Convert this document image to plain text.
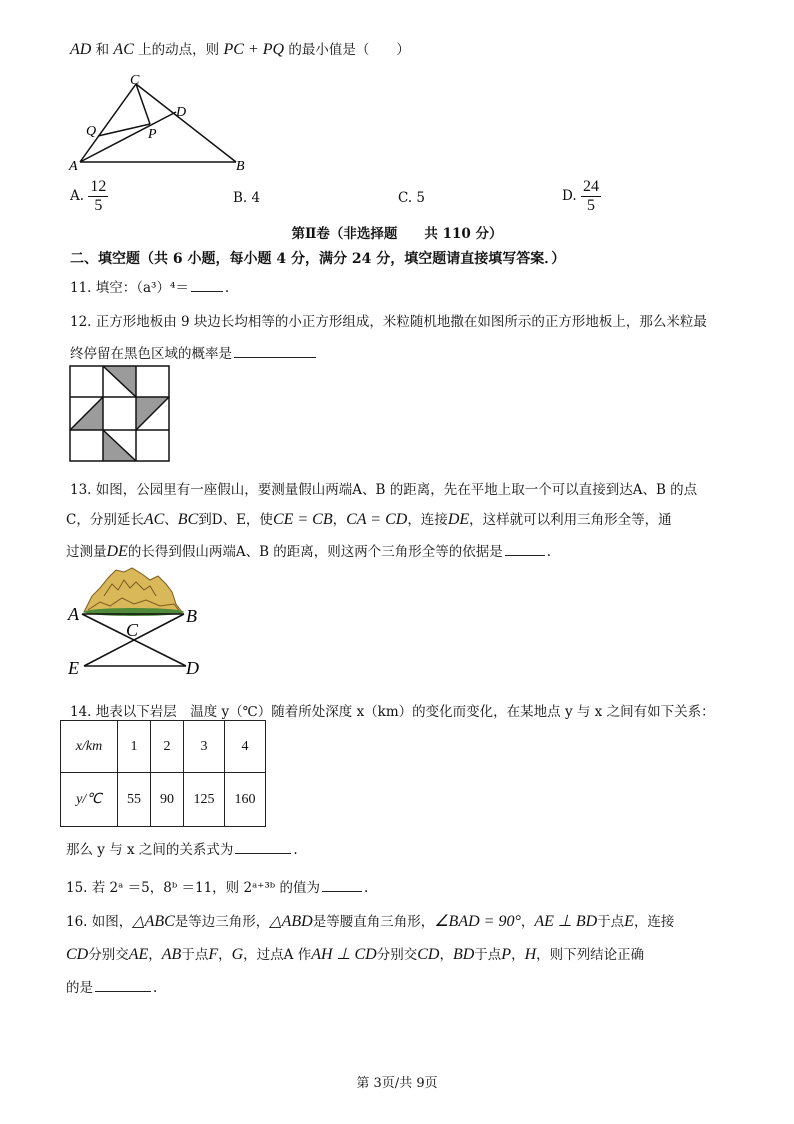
AD 和 AC 上的动点，则 PC + PQ 的最小值是（　　）
C
D
Q	P
A	B
A. $\frac{12}{5}$	B. 4	C. 5	D. $\frac{24}{5}$
第Ⅱ卷（非选择题　　共 110 分）
二、填空题（共 6 小题，每小题 4 分，满分 24 分，填空题请直接填写答案．）
11. 填空：（a³）⁴＝	.
12. 正方形地板由 9 块边长均相等的小正方形组成，米粒随机地撒在如图所示的正方形地板上，那么米粒最
终停留在黑色区域的概率是
13. 如图，公园里有一座假山，要测量假山两端A、B 的距离，先在平地上取一个可以直接到达A、B 的点
C，分别延长AC、BC到D、E，使CE = CB，CA = CD，连接DE，这样就可以利用三角形全等，通
过测量DE的长得到假山两端A、B 的距离，则这两个三角形全等的依据是	.
A	B
C
E	D
14. 地表以下岩层　温度 y（℃）随着所处深度 x（km）的变化而变化，在某地点 y 与 x 之间有如下关系：
x/km	1	2	3	4
y/℃	55	90	125	160
那么 y 与 x 之间的关系式为	.
15. 若 2ᵃ ＝5，8ᵇ ＝11，则 2ᵃ⁺³ᵇ 的值为	.
16. 如图，△ABC是等边三角形，△ABD是等腰直角三角形，∠BAD = 90°，AE ⊥ BD于点E，连接
CD分别交AE，AB于点F，G，过点A 作AH ⊥ CD分别交CD，BD于点P，H，则下列结论正确
的是	.
第 3页/共 9页
